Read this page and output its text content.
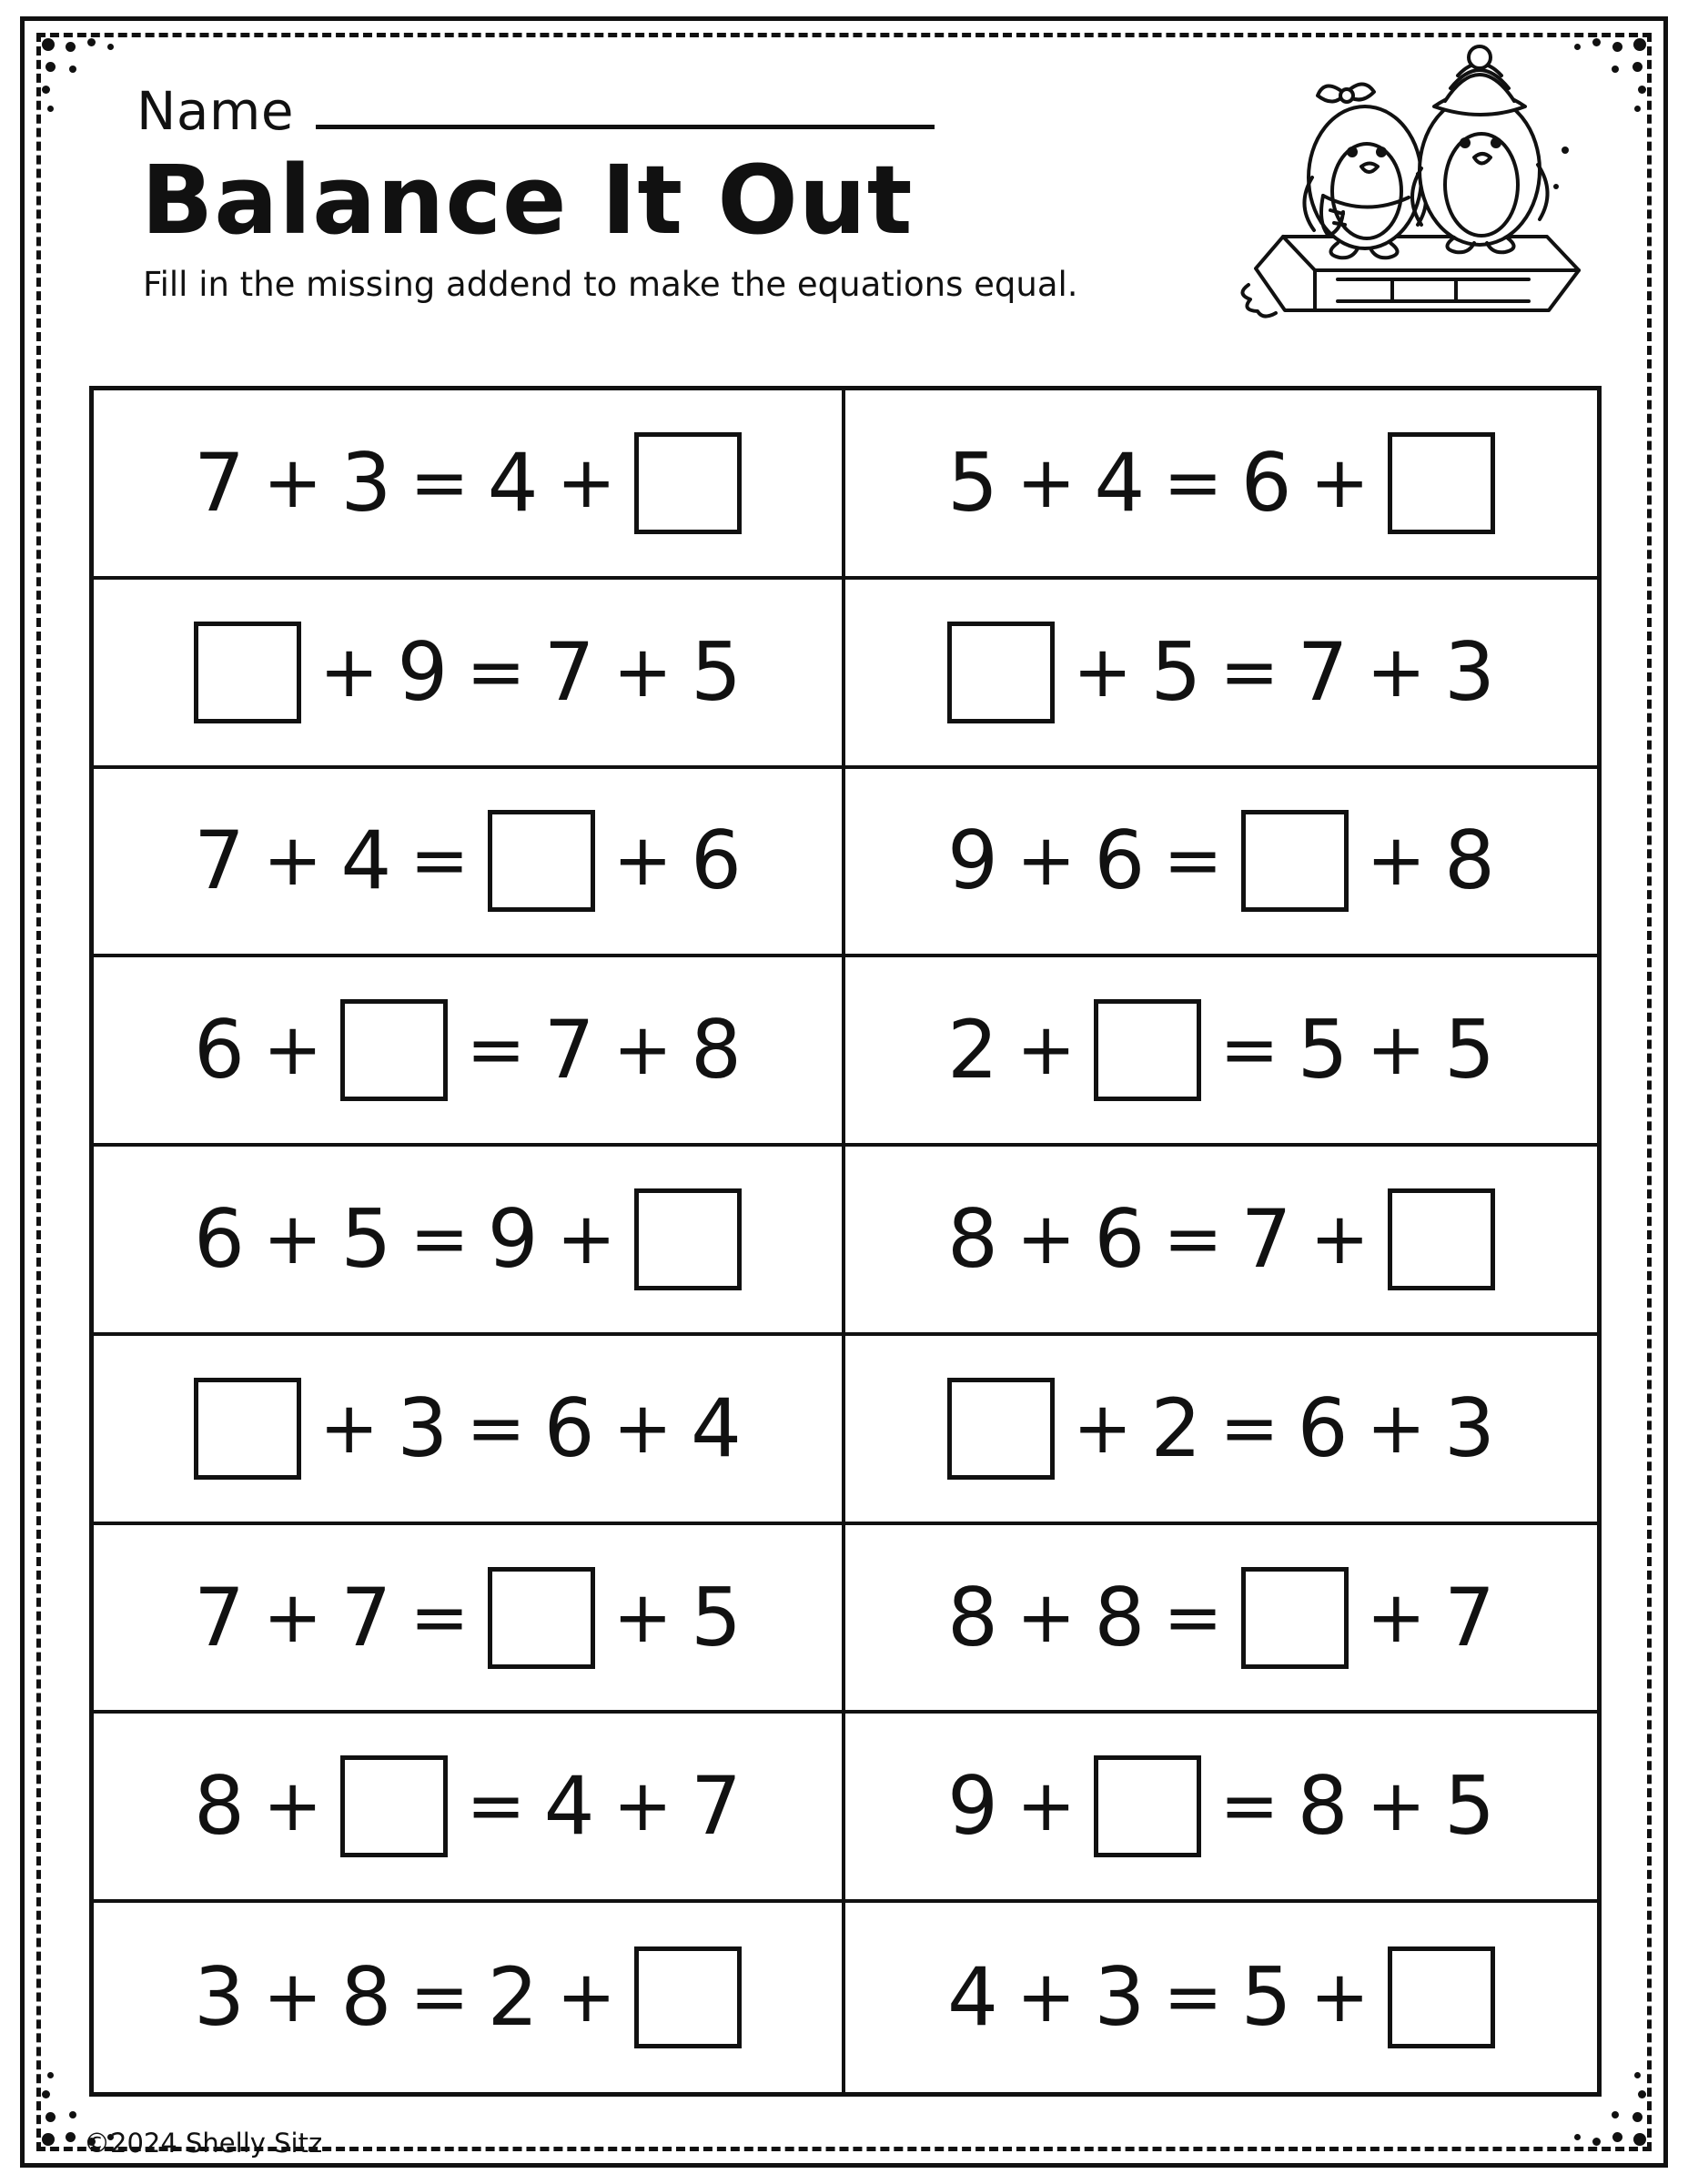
Name
Balance It Out
Fill in the missing addend to make the equations equal.
7 + 3 = 4 +	5 + 4 = 6 +
+ 9 = 7 + 5	+ 5 = 7 + 3
7 + 4 = + 6	9 + 6 = + 8
6 + = 7 + 8	2 + = 5 + 5
6 + 5 = 9 +	8 + 6 = 7 +
+ 3 = 6 + 4	+ 2 = 6 + 3
7 + 7 = + 5	8 + 8 = + 7
8 + = 4 + 7	9 + = 8 + 5
3 + 8 = 2 +	4 + 3 = 5 +
©2024 Shelly Sitz
